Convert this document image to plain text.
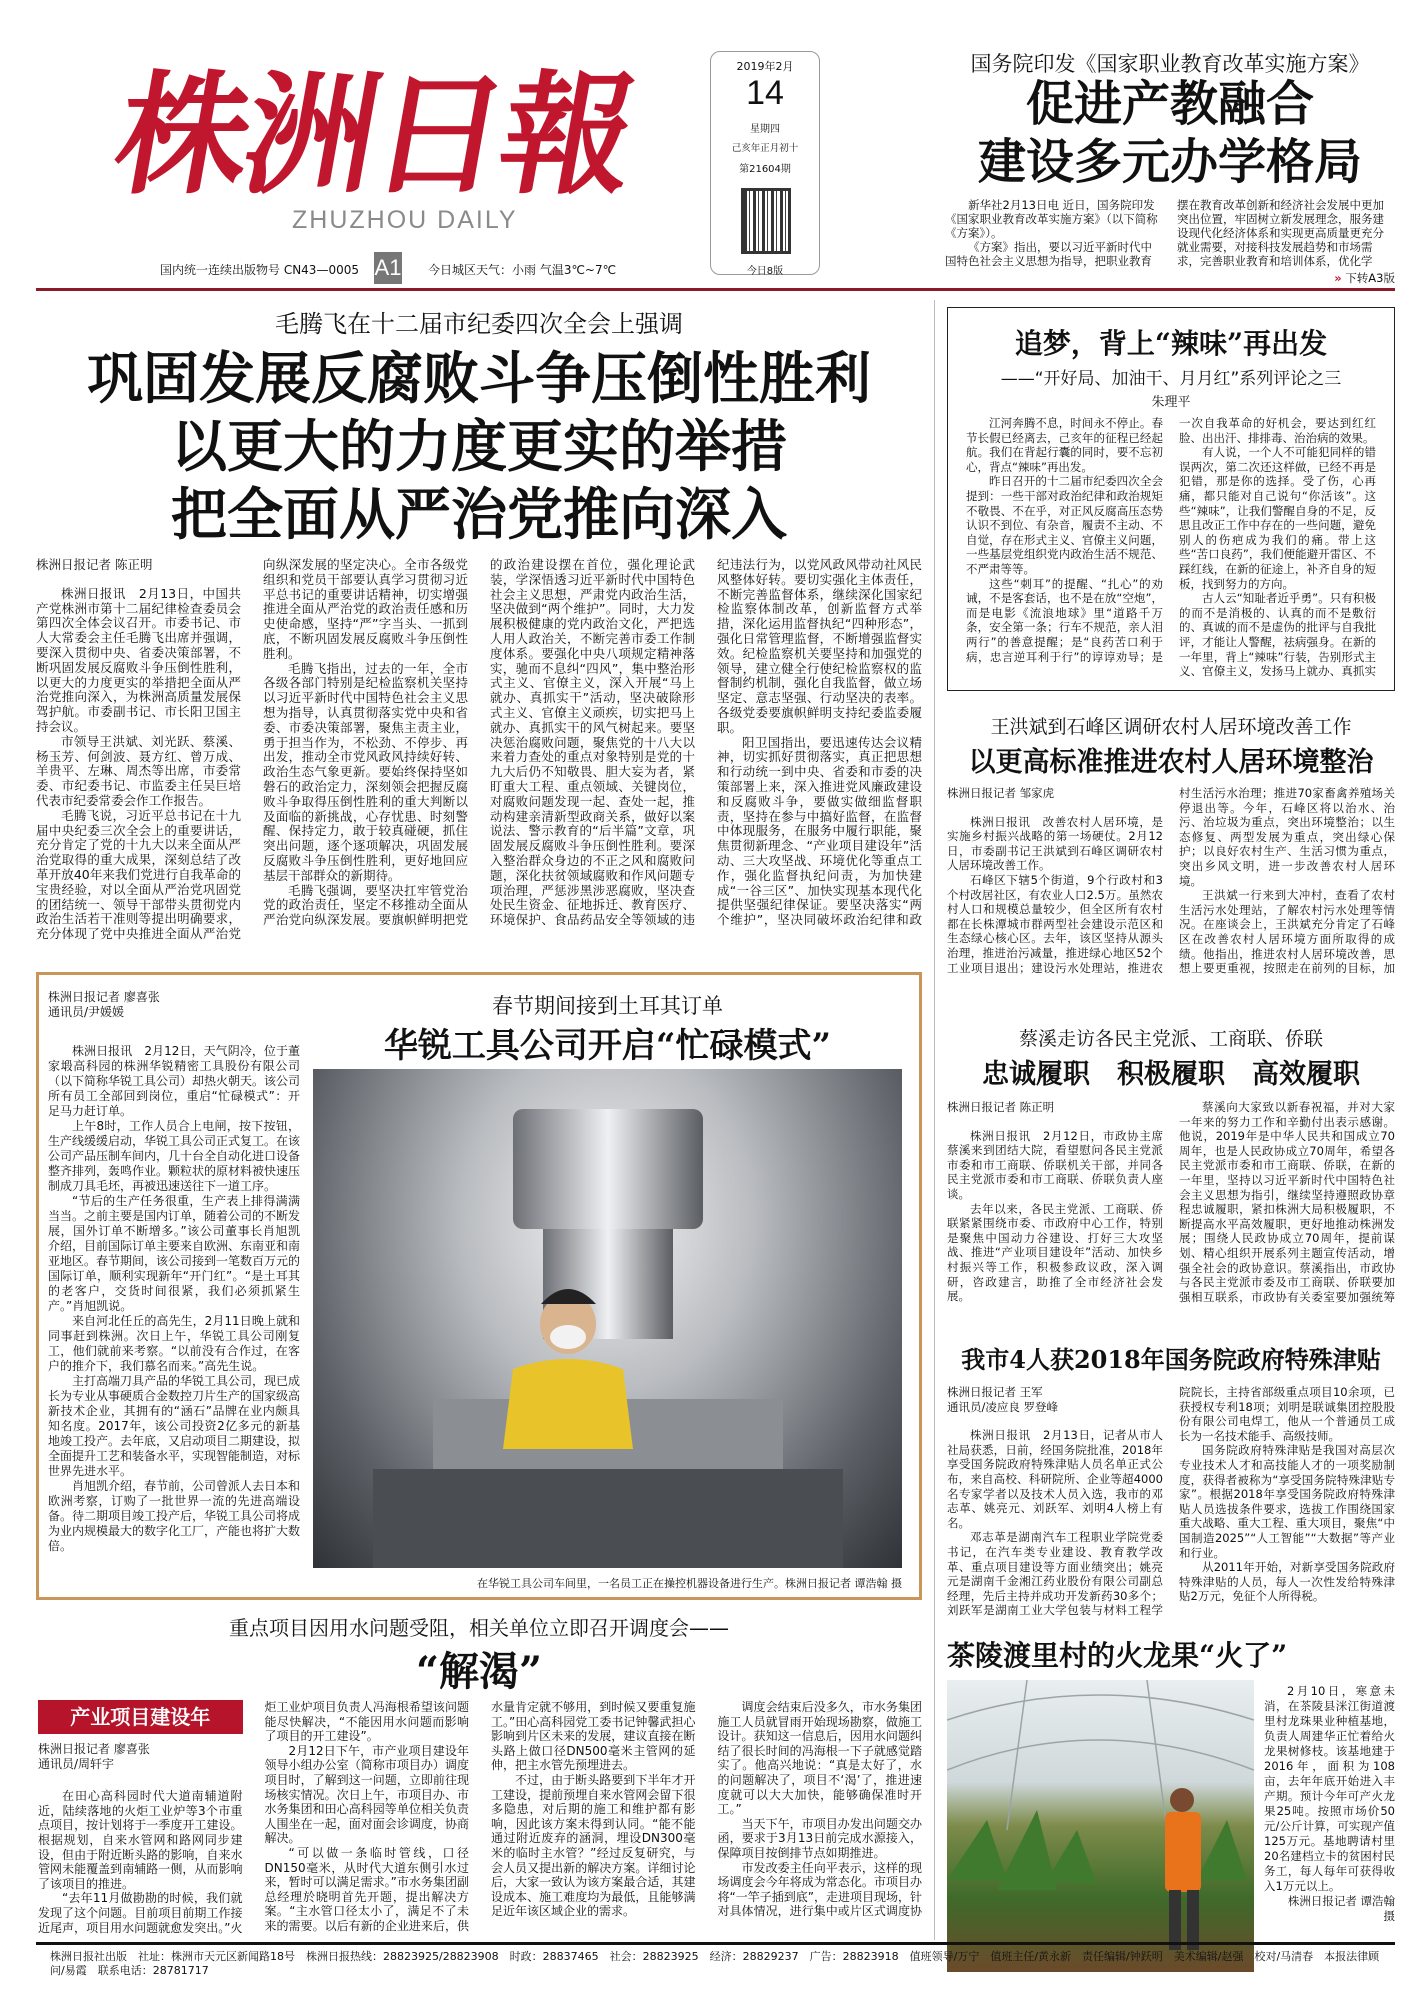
株洲日報
ZHUZHOU DAILY
国内统一连续出版物号 CN43—0005 A1 今日城区天气：小雨 气温3℃~7℃
2019年2月
14
星期四
己亥年正月初十
第21604期
今日8版
国务院印发《国家职业教育改革实施方案》
促进产教融合
建设多元办学格局

新华社2月13日电 近日，国务院印发《国家职业教育改革实施方案》（以下简称《方案》）。

《方案》指出，要以习近平新时代中国特色社会主义思想为指导，把职业教育摆在教育改革创新和经济社会发展中更加突出位置，牢固树立新发展理念，服务建设现代化经济体系和实现更高质量更充分就业需要，对接科技发展趋势和市场需求，完善职业教育和培训体系，优化学

» 下转A3版
毛腾飞在十二届市纪委四次全会上强调
巩固发展反腐败斗争压倒性胜利
以更大的力度更实的举措
把全面从严治党推向深入

株洲日报记者 陈正明

株洲日报讯　2月13日，中国共产党株洲市第十二届纪律检查委员会第四次全体会议召开。市委书记、市人大常委会主任毛腾飞出席并强调，要深入贯彻中央、省委决策部署，不断巩固发展反腐败斗争压倒性胜利，以更大的力度更实的举措把全面从严治党推向深入，为株洲高质量发展保驾护航。市委副书记、市长阳卫国主持会议。

市领导王洪斌、刘光跃、蔡溪、杨玉芳、何剑波、聂方红、曾万成、羊贵平、左琳、周杰等出席，市委常委、市纪委书记、市监委主任吴巨培代表市纪委常委会作工作报告。

毛腾飞说，习近平总书记在十九届中央纪委三次全会上的重要讲话，充分肯定了党的十九大以来全面从严治党取得的重大成果，深刻总结了改革开放40年来我们党进行自我革命的宝贵经验，对以全面从严治党巩固党的团结统一、领导干部带头贯彻党内政治生活若干准则等提出明确要求，充分体现了党中央推进全面从严治党向纵深发展的坚定决心。全市各级党组织和党员干部要认真学习贯彻习近平总书记的重要讲话精神，切实增强推进全面从严治党的政治责任感和历史使命感，坚持“严”字当头、一抓到底，不断巩固发展反腐败斗争压倒性胜利。

毛腾飞指出，过去的一年，全市各级各部门特别是纪检监察机关坚持以习近平新时代中国特色社会主义思想为指导，认真贯彻落实党中央和省委、市委决策部署，聚焦主责主业，勇于担当作为，不松劲、不停步、再出发，推动全市党风政风持续好转、政治生态气象更新。要始终保持坚如磐石的政治定力，深刻领会把握反腐败斗争取得压倒性胜利的重大判断以及面临的新挑战，心存忧患、时刻警醒、保持定力，敢于较真碰硬，抓住突出问题，逐个逐项解决，巩固发展反腐败斗争压倒性胜利，更好地回应基层干部群众的新期待。

毛腾飞强调，要坚决扛牢管党治党的政治责任，坚定不移推动全面从严治党向纵深发展。要旗帜鲜明把党的政治建设摆在首位，强化理论武装，学深悟透习近平新时代中国特色社会主义思想，严肃党内政治生活，坚决做到“两个维护”。同时，大力发展积极健康的党内政治文化，严把选人用人政治关，不断完善市委工作制度体系。要强化中央八项规定精神落实，驰而不息纠“四风”，集中整治形式主义、官僚主义，深入开展“马上就办、真抓实干”活动，坚决破除形式主义、官僚主义顽疾，切实把马上就办、真抓实干的风气树起来。要坚决惩治腐败问题，聚焦党的十八大以来着力查处的重点对象特别是党的十九大后仍不知敬畏、胆大妄为者，紧盯重大工程、重点领域、关键岗位，对腐败问题发现一起、查处一起，推动构建亲清新型政商关系，做好以案说法、警示教育的“后半篇”文章，巩固发展反腐败斗争压倒性胜利。要深入整治群众身边的不正之风和腐败问题，深化扶贫领域腐败和作风问题专项治理，严惩涉黑涉恶腐败，坚决查处民生资金、征地拆迁、教育医疗、环境保护、食品药品安全等领域的违纪违法行为，以党风政风带动社风民风整体好转。要切实强化主体责任，不断完善监督体系，继续深化国家纪检监察体制改革，创新监督方式举措，深化运用监督执纪“四种形态”，强化日常管理监督，不断增强监督实效。纪检监察机关要坚持和加强党的领导，建立健全行使纪检监察权的监督制约机制，强化自我监督，做立场坚定、意志坚强、行动坚决的表率。各级党委要旗帜鲜明支持纪委监委履职。

阳卫国指出，要迅速传达会议精神，切实抓好贯彻落实，真正把思想和行动统一到中央、省委和市委的决策部署上来，深入推进党风廉政建设和反腐败斗争，要做实做细监督职责，坚持在参与中搞好监督，在监督中体现服务，在服务中履行职能，聚焦贯彻新理念、“产业项目建设年”活动、三大攻坚战、环境优化等重点工作，强化监督执纪问责，为加快建成“一谷三区”、加快实现基本现代化提供坚强纪律保证。要坚决落实“两个维护”，坚决同破坏政治纪律和政

追梦，背上“辣味”再出发
——“开好局、加油干、月月红”系列评论之三
朱理平

江河奔腾不息，时间永不停止。春节长假已经离去，己亥年的征程已经起航。我们在背起行囊的同时，要不忘初心，背点“辣味”再出发。

昨日召开的十二届市纪委四次全会提到：一些干部对政治纪律和政治规矩不敬畏、不在乎，对正风反腐高压态势认识不到位、有杂音，履责不主动、不自觉，存在形式主义、官僚主义问题，一些基层党组织党内政治生活不规范、不严肃等等。

这些“刺耳”的提醒、“扎心”的劝诫，不是客套话，也不是在放“空炮”，而是电影《流浪地球》里“道路千万条，安全第一条；行车不规范，亲人泪两行”的善意提醒；是“良药苦口利于病，忠言逆耳利于行”的谆谆劝导；是一次自我革命的好机会，要达到红红脸、出出汗、排排毒、治治病的效果。

有人说，一个人不可能犯同样的错误两次，第二次还这样做，已经不再是犯错，那是你的选择。受了伤，心再痛，都只能对自己说句“你活该”。这些“辣味”，让我们警醒自身的不足，反思且改正工作中存在的一些问题，避免别人的伤疤成为我们的痛。带上这些“苦口良药”，我们便能避开雷区、不踩红线，在新的征途上，补齐自身的短板，找到努力的方向。

古人云“知耻者近乎勇”。只有积极的而不是消极的、认真的而不是敷衍的、真诚的而不是虚伪的批评与自我批评，才能让人警醒，祛病强身。在新的一年里，背上“辣味”行装，告别形式主义、官僚主义，发扬马上就办、真抓实

王洪斌到石峰区调研农村人居环境改善工作
以更高标准推进农村人居环境整治

株洲日报记者 邹家虎

株洲日报讯　改善农村人居环境，是实施乡村振兴战略的第一场硬仗。2月12日，市委副书记王洪斌到石峰区调研农村人居环境改善工作。

石峰区下辖5个街道，9个行政村和3个村改居社区，有农业人口2.5万。虽然农村人口和规模总量较少，但全区所有农村都在长株潭城市群两型社会建设示范区和生态绿心核心区。去年，该区坚持从源头治理，推进治污减量，推进绿心地区52个工业项目退出；建设污水处理站，推进农村生活污水治理；推进70家畜禽养殖场关停退出等。今年，石峰区将以治水、治污、治垃圾为重点，突出环境整治；以生态修复、两型发展为重点，突出绿心保护；以良好农村生产、生活习惯为重点，突出乡风文明，进一步改善农村人居环境。

王洪斌一行来到大冲村，查看了农村生活污水处理站，了解农村污水处理等情况。在座谈会上，王洪斌充分肯定了石峰区在改善农村人居环境方面所取得的成绩。他指出，推进农村人居环境改善，思想上要更重视，按照走在前列的目标，加

蔡溪走访各民主党派、工商联、侨联
忠诚履职　积极履职　高效履职

株洲日报记者 陈正明

株洲日报讯　2月12日，市政协主席蔡溪来到团结大院，看望慰问各民主党派市委和市工商联、侨联机关干部，并同各民主党派市委和市工商联、侨联负责人座谈。

去年以来，各民主党派、工商联、侨联紧紧围绕市委、市政府中心工作，特别是聚焦中国动力谷建设、打好三大攻坚战、推进“产业项目建设年”活动、加快乡村振兴等工作，积极参政议政，深入调研，咨政建言，助推了全市经济社会发展。

蔡溪向大家致以新春祝福，并对大家一年来的努力工作和辛勤付出表示感谢。他说，2019年是中华人民共和国成立70周年，也是人民政协成立70周年，希望各民主党派市委和市工商联、侨联，在新的一年里，坚持以习近平新时代中国特色社会主义思想为指引，继续坚持遵照政协章程忠诚履职，紧扣株洲大局积极履职，不断提高水平高效履职，更好地推动株洲发展；围绕人民政协成立70周年，提前谋划、精心组织开展系列主题宣传活动，增强全社会的政协意识。蔡溪指出，市政协与各民主党派市委及市工商联、侨联要加强相互联系，市政协有关委室要加强统筹

我市4人获2018年国务院政府特殊津贴

株洲日报记者 王军

通讯员/凌应良 罗登峰

株洲日报讯　2月13日，记者从市人社局获悉，日前，经国务院批准，2018年享受国务院政府特殊津贴人员名单正式公布，来自高校、科研院所、企业等超4000名专家学者以及技术人员入选，我市的邓志革、姚亮元、刘跃军、刘明4人榜上有名。

邓志革是湖南汽车工程职业学院党委书记，在汽车类专业建设、教育教学改革、重点项目建设等方面业绩突出；姚亮元是湖南千金湘江药业股份有限公司副总经理，先后主持并成功开发新药30多个；刘跃军是湖南工业大学包装与材料工程学院院长，主持省部级重点项目10余项，已获授权专利18项；刘明是联诚集团控股股份有限公司电焊工，他从一个普通员工成长为一名技术能手、高级技师。

国务院政府特殊津贴是我国对高层次专业技术人才和高技能人才的一项奖励制度，获得者被称为“享受国务院特殊津贴专家”。根据2018年享受国务院政府特殊津贴人员选拔条件要求，选拔工作围绕国家重大战略、重大工程、重大项目，聚焦“中国制造2025”“人工智能”“大数据”等产业和行业。

从2011年开始，对新享受国务院政府特殊津贴的人员，每人一次性发给特殊津贴2万元，免征个人所得税。

茶陵渡里村的火龙果“火了”

2月10日，寒意未消，在茶陵县洣江街道渡里村龙珠果业种植基地，负责人周建华正忙着给火龙果树修枝。该基地建于2016年，面积为108亩，去年年底开始进入丰产期。预计今年可产火龙果25吨。按照市场价50元/公斤计算，可实现产值125万元。基地聘请村里20名建档立卡的贫困村民务工，每人每年可获得收入1万元以上。

株洲日报记者 谭浩翰 摄

株洲日报记者 廖喜张

通讯员/尹媛媛

株洲日报讯　2月12日，天气阴冷，位于董家塅高科园的株洲华锐精密工具股份有限公司（以下简称华锐工具公司）却热火朝天。该公司所有员工全部回到岗位，重启“忙碌模式”：开足马力赶订单。

上午8时，工作人员合上电闸，按下按钮，生产线缓缓启动，华锐工具公司正式复工。在该公司产品压制车间内，几十台全自动化进口设备整齐排列，轰鸣作业。颗粒状的原材料被快速压制成刀具毛坯，再被迅速送往下一道工序。

“节后的生产任务很重，生产表上排得满满当当。之前主要是国内订单，随着公司的不断发展，国外订单不断增多。”该公司董事长肖旭凯介绍，目前国际订单主要来自欧洲、东南亚和南亚地区。春节期间，该公司接到一笔数百万元的国际订单，顺利实现新年“开门红”。“是土耳其的老客户，交货时间很紧，我们必须抓紧生产。”肖旭凯说。

来自河北任丘的高先生，2月11日晚上就和同事赶到株洲。次日上午，华锐工具公司刚复工，他们就前来考察。“以前没有合作过，在客户的推介下，我们慕名而来。”高先生说。

主打高端刀具产品的华锐工具公司，现已成长为专业从事硬质合金数控刀片生产的国家级高新技术企业，其拥有的“涵石”品牌在业内颇具知名度。2017年，该公司投资2亿多元的新基地竣工投产。去年底，又启动项目二期建设，拟全面提升工艺和装备水平，实现智能制造，对标世界先进水平。

肖旭凯介绍，春节前，公司曾派人去日本和欧洲考察，订购了一批世界一流的先进高端设备。待二期项目竣工投产后，华锐工具公司将成为业内规模最大的数字化工厂，产能也将扩大数倍。

春节期间接到土耳其订单
华锐工具公司开启“忙碌模式”
在华锐工具公司车间里，一名员工正在操控机器设备进行生产。株洲日报记者 谭浩翰 摄
重点项目因用水问题受阻，相关单位立即召开调度会——
“解渴”
产业项目建设年

株洲日报记者 廖喜张

通讯员/周轩宇

在田心高科园时代大道南辅道附近，陆续落地的火炬工业炉等3个市重点项目，按计划将于一季度开工建设。根据规划，自来水管网和路网同步建设，但由于附近断头路的影响，自来水管网未能覆盖到南辅路一侧，从而影响了该项目的推进。

“去年11月做勘勘的时候，我们就发现了这个问题。目前项目前期工作接近尾声，项目用水问题就愈发突出。”火炬工业炉项目负责人冯海根希望该问题能尽快解决，“不能因用水问题而影响了项目的开工建设”。

2月12日下午，市产业项目建设年领导小组办公室（简称市项目办）调度项目时，了解到这一问题，立即前往现场核实情况。次日上午，市项目办、市水务集团和田心高科园等单位相关负责人围坐在一起，面对面会诊调度，协商解决。

“可以做一条临时管线，口径DN150毫米，从时代大道东侧引水过来，暂时可以满足需求。”市水务集团副总经理於晓明首先开题，提出解决方案。“主水管口径太小了，满足不了未来的需要。以后有新的企业进来后，供水量肯定就不够用，到时候又要重复施工。”田心高科园党工委书记钟馨武担心影响到片区未来的发展，建议直接在断头路上做口径DN500毫米主管网的延伸，把主水管先预埋进去。

不过，由于断头路要到下半年才开工建设，提前预埋自来水管网会留下很多隐患，对后期的施工和维护都有影响，因此该方案未得到认同。“能不能通过附近废弃的涵洞，埋设DN300毫米的临时主水管？”经过反复研究，与会人员又提出新的解决方案。详细讨论后，大家一致认为该方案最合适，其建设成本、施工难度均为最低，且能够满足近年该区域企业的需求。

调度会结束后没多久，市水务集团施工人员就冒雨开始现场勘察，做施工设计。获知这一信息后，因用水问题纠结了很长时间的冯海根一下子就感觉踏实了。他高兴地说：“真是太好了，水的问题解决了，项目不‘渴’了，推进速度就可以大大加快，能够确保准时开工。”

当天下午，市项目办发出问题交办函，要求于3月13日前完成水源接入，保障项目按倒排节点如期推进。

市发改委主任向平表示，这样的现场调度会今年将成为常态化。市项目办将“一竿子插到底”，走进项目现场，针对具体情况，进行集中或片区式调度协

株洲日报社出版　社址：株洲市天元区新闻路18号　株洲日报热线：28823925/28823908　时政：28837465　社会：28823925　经济：28829237　广告：28823918　值班领导/万宁　值班主任/黄永新　责任编辑/钟跃明　美术编辑/赵强　校对/马清春　本报法律顾问/易霞　联系电话：28781717
